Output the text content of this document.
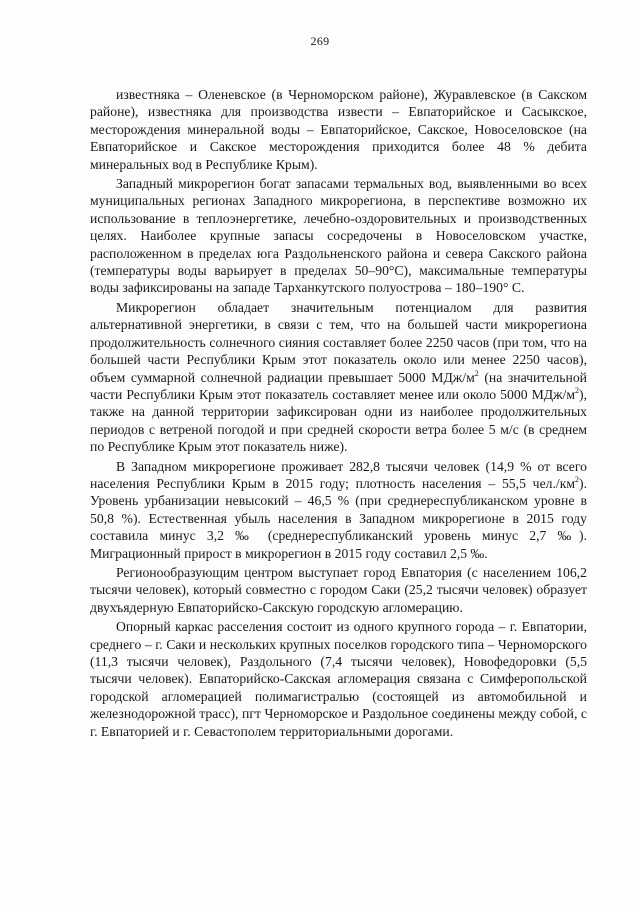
269

известняка – Оленевское (в Черноморском районе), Журавлевское (в Сакском районе), известняка для производства извести – Евпаторийское и Сасыкское, месторождения минеральной воды – Евпаторийское, Сакское, Новоселовское (на Евпаторийское и Сакское месторождения приходится более 48 % дебита минеральных вод в Республике Крым).

Западный микрорегион богат запасами термальных вод, выявленными во всех муниципальных регионах Западного микрорегиона, в перспективе возможно их использование в теплоэнергетике, лечебно-оздоровительных и производственных целях. Наиболее крупные запасы сосредочены в Новоселовском участке, расположенном в пределах юга Раздольненского района и севера Сакского района (температуры воды варьирует в пределах 50–90°С), максимальные температуры воды зафиксированы на западе Тарханкутского полуострова – 180–190° С.

Микрорегион обладает значительным потенциалом для развития альтернативной энергетики, в связи с тем, что на большей части микрорегиона продолжительность солнечного сияния составляет более 2250 часов (при том, что на большей части Республики Крым этот показатель около или менее 2250 часов), объем суммарной солнечной радиации превышает 5000 МДж/$м^2$ (на значительной части Республики Крым этот показатель составляет менее или около 5000 МДж/$м^2$), также на данной территории зафиксирован одни из наиболее продолжительных периодов с ветреной погодой и при средней скорости ветра более 5 м/с (в среднем по Республике Крым этот показатель ниже).

В Западном микрорегионе проживает 282,8 тысячи человек (14,9 % от всего населения Республики Крым в 2015 году; плотность населения – 55,5 $чел./км^2$). Уровень урбанизации невысокий – 46,5 % (при среднереспубликанском уровне в 50,8 %). Естественная убыль населения в Западном микрорегионе в 2015 году составила минус 3,2 ‰ (среднереспубликанский уровень минус 2,7 ‰). Миграционный прирост в микрорегион в 2015 году составил 2,5 ‰.

Регионообразующим центром выступает город Евпатория (с населением 106,2 тысячи человек), который совместно с городом Саки (25,2 тысячи человек) образует двухъядерную Евпаторийско-Сакскую городскую агломерацию.

Опорный каркас расселения состоит из одного крупного города – г. Евпатории, среднего – г. Саки и нескольких крупных поселков городского типа – Черноморского (11,3 тысячи человек), Раздольного (7,4 тысячи человек), Новофедоровки (5,5 тысячи человек). Евпаторийско-Сакская агломерация связана с Симферопольской городской агломерацией полимагистралью (состоящей из автомобильной и железнодорожной трасс), пгт Черноморское и Раздольное соединены между собой, с г. Евпаторией и г. Севастополем территориальными дорогами.
